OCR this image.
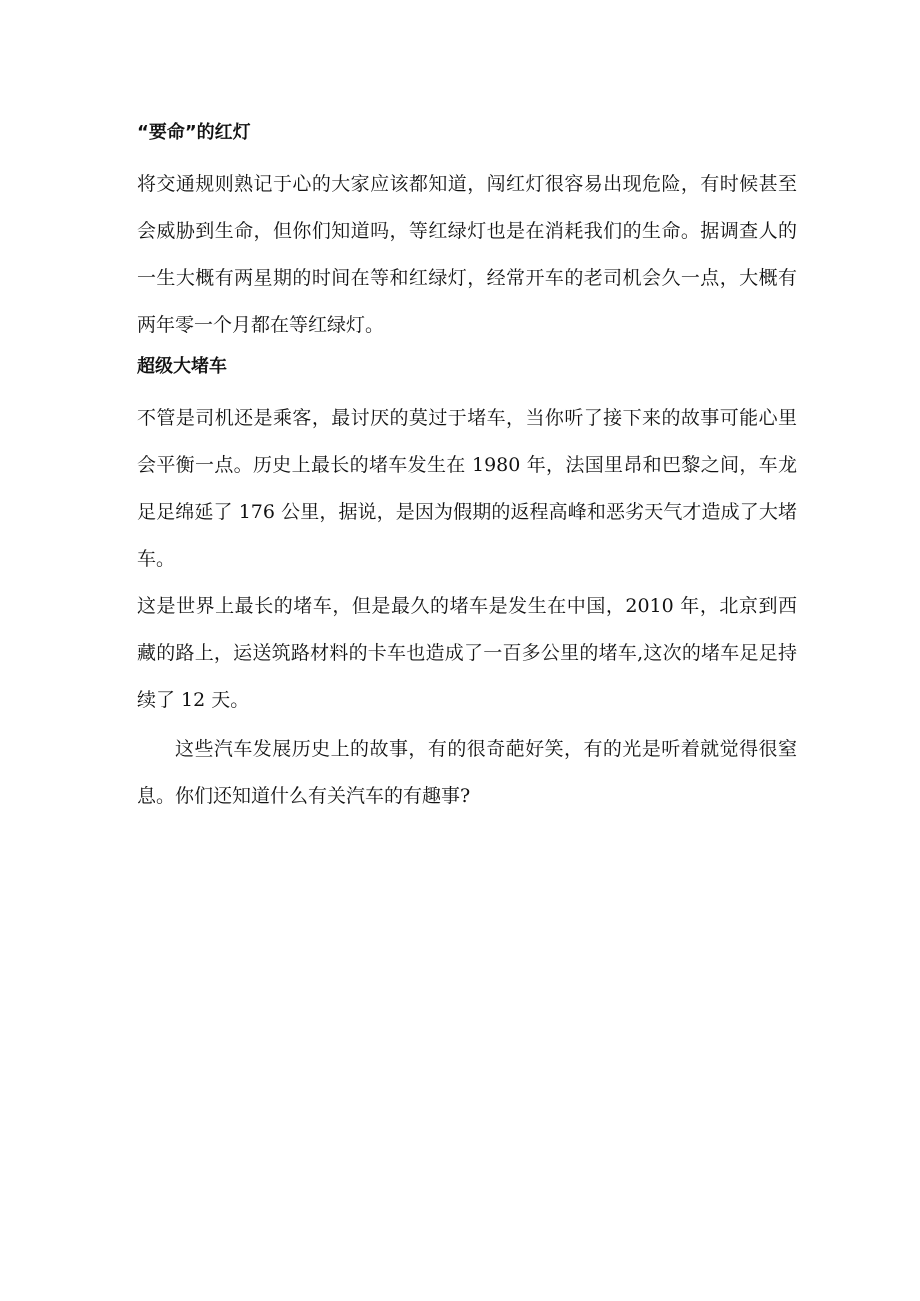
“要命”的红灯

将交通规则熟记于心的大家应该都知道，闯红灯很容易出现危险，有时候甚至会威胁到生命，但你们知道吗，等红绿灯也是在消耗我们的生命。据调查人的一生大概有两星期的时间在等和红绿灯，经常开车的老司机会久一点，大概有两年零一个月都在等红绿灯。

超级大堵车

不管是司机还是乘客，最讨厌的莫过于堵车，当你听了接下来的故事可能心里会平衡一点。历史上最长的堵车发生在 1980 年，法国里昂和巴黎之间，车龙足足绵延了 176 公里，据说，是因为假期的返程高峰和恶劣天气才造成了大堵车。

这是世界上最长的堵车，但是最久的堵车是发生在中国，2010 年，北京到西藏的路上，运送筑路材料的卡车也造成了一百多公里的堵车,这次的堵车足足持续了 12 天。

这些汽车发展历史上的故事，有的很奇葩好笑，有的光是听着就觉得很窒息。你们还知道什么有关汽车的有趣事?
